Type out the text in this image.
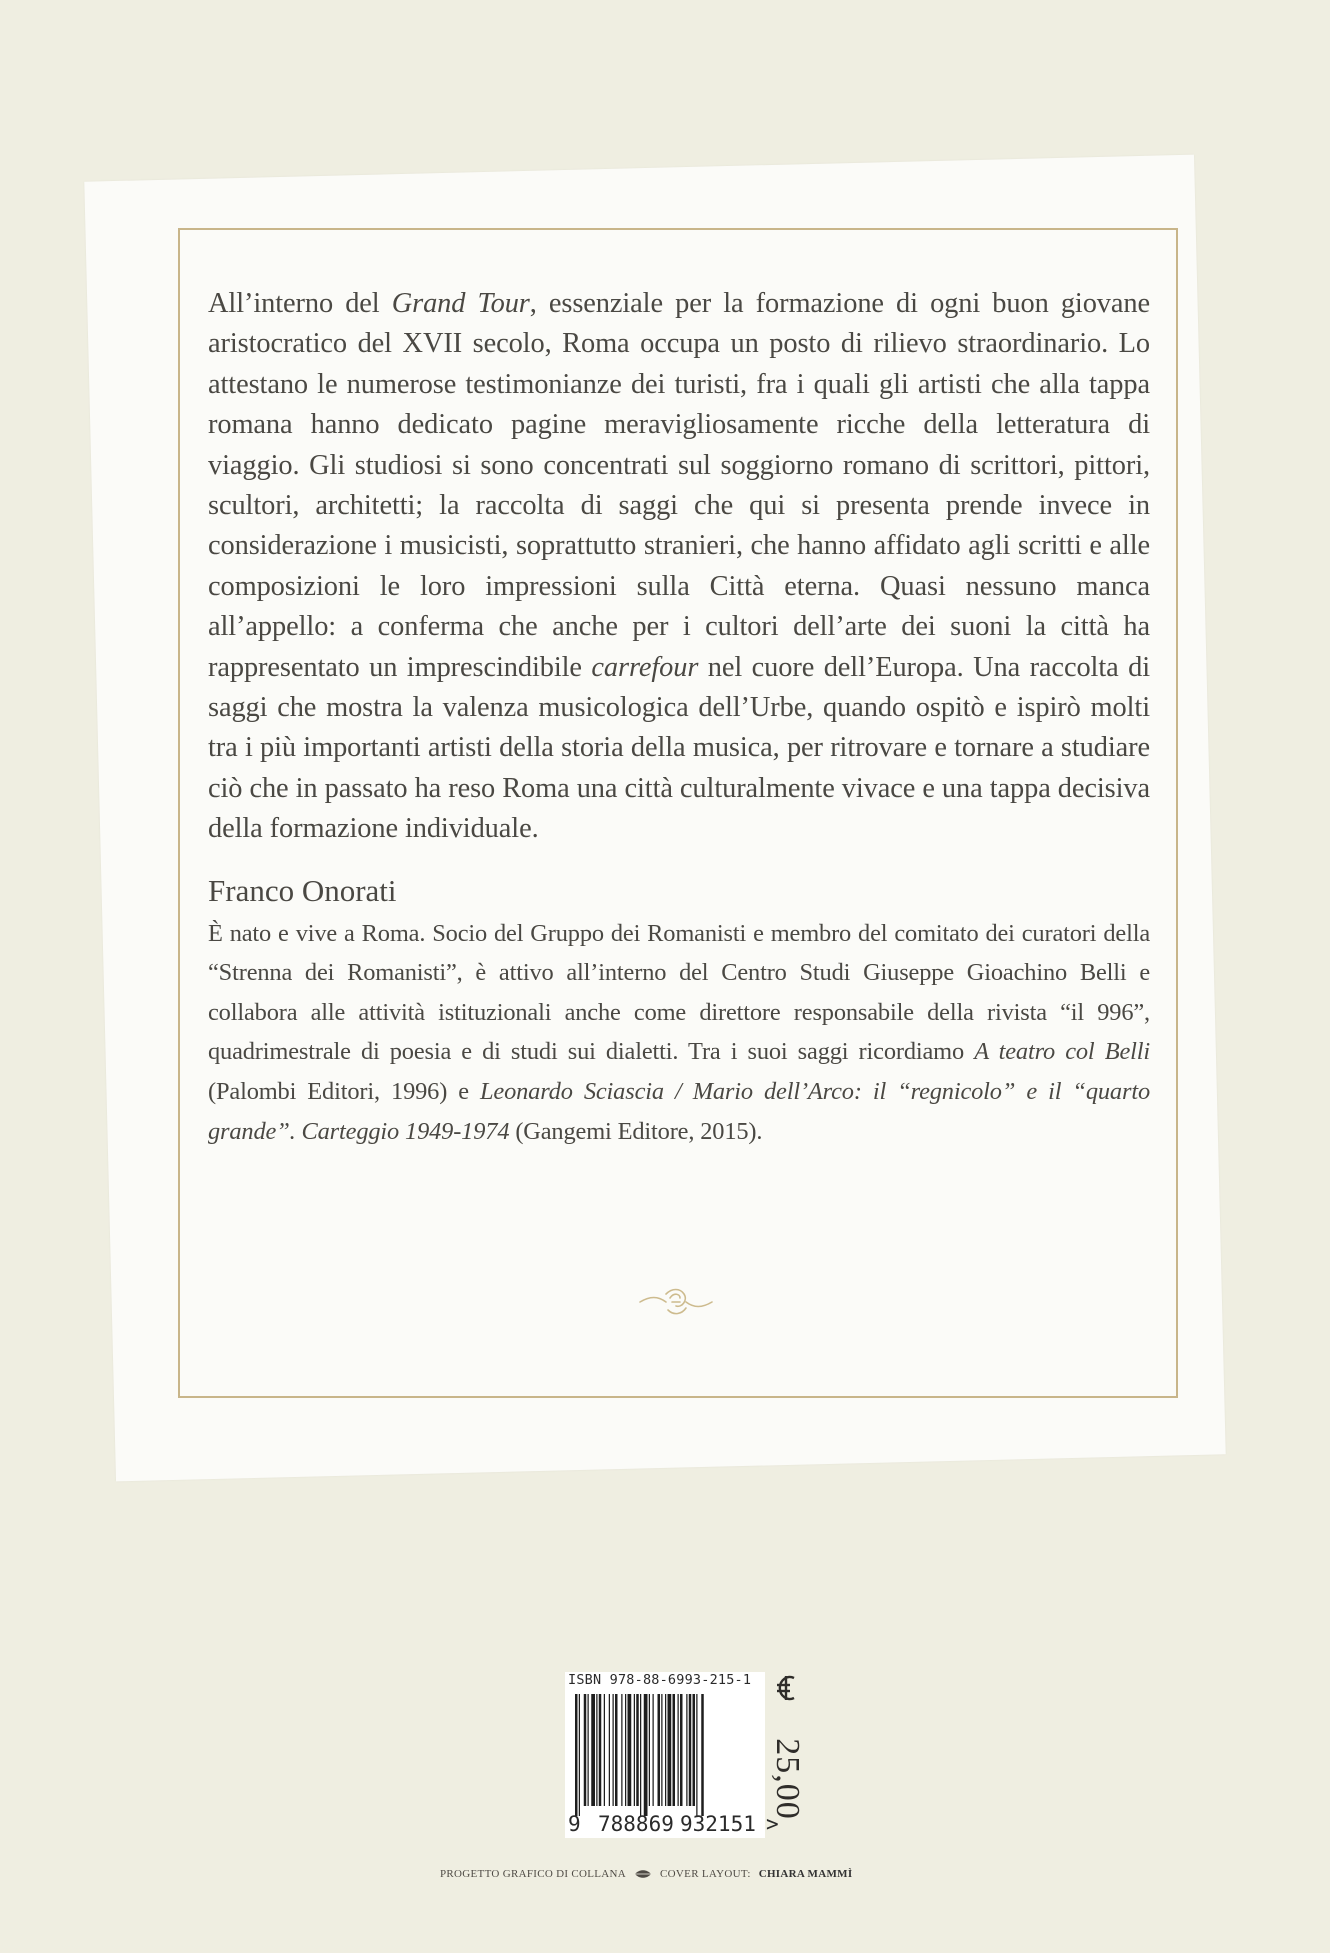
All’interno del Grand Tour, essenziale per la formazione di ogni buon giovane aristocratico del XVII secolo, Roma occupa un posto di rilievo straordinario. Lo attestano le numerose testimonianze dei turisti, fra i quali gli artisti che alla tappa romana hanno dedicato pagine meravigliosamente ricche della letteratura di viaggio. Gli studiosi si sono concentrati sul soggiorno romano di scrittori, pittori, scultori, architetti; la raccolta di saggi che qui si presenta prende invece in considerazione i musicisti, soprattutto stranieri, che hanno affidato agli scritti e alle composizioni le loro impressioni sulla Città eterna. Quasi nessuno manca all’appello: a conferma che anche per i cultori dell’arte dei suoni la città ha rappresentato un imprescindibile carrefour nel cuore dell’Europa. Una raccolta di saggi che mostra la valenza musicologica dell’Urbe, quando ospitò e ispirò molti tra i più importanti artisti della storia della musica, per ritrovare e tornare a studiare ciò che in passato ha reso Roma una città culturalmente vivace e una tappa decisiva della formazione individuale.

Franco Onorati

È nato e vive a Roma. Socio del Gruppo dei Romanisti e membro del comitato dei curatori della “Strenna dei Romanisti”, è attivo all’interno del Centro Studi Giuseppe Gioachino Belli e collabora alle attività istituzionali anche come direttore responsabile della rivista “il 996”, quadrimestrale di poesia e di studi sui dialetti. Tra i suoi saggi ricordiamo A teatro col Belli (Palombi Editori, 1996) e Leonardo Sciascia / Mario dell’Arco: il “regnicolo” e il “quarto grande”. Carteggio 1949-1974 (Gangemi Editore, 2015).

ISBN 978-88-6993-215-1
9 788869 932151 >
25,00
PROGETTO GRAFICO DI COLLANA	COVER LAYOUT: CHIARA MAMMÌ
